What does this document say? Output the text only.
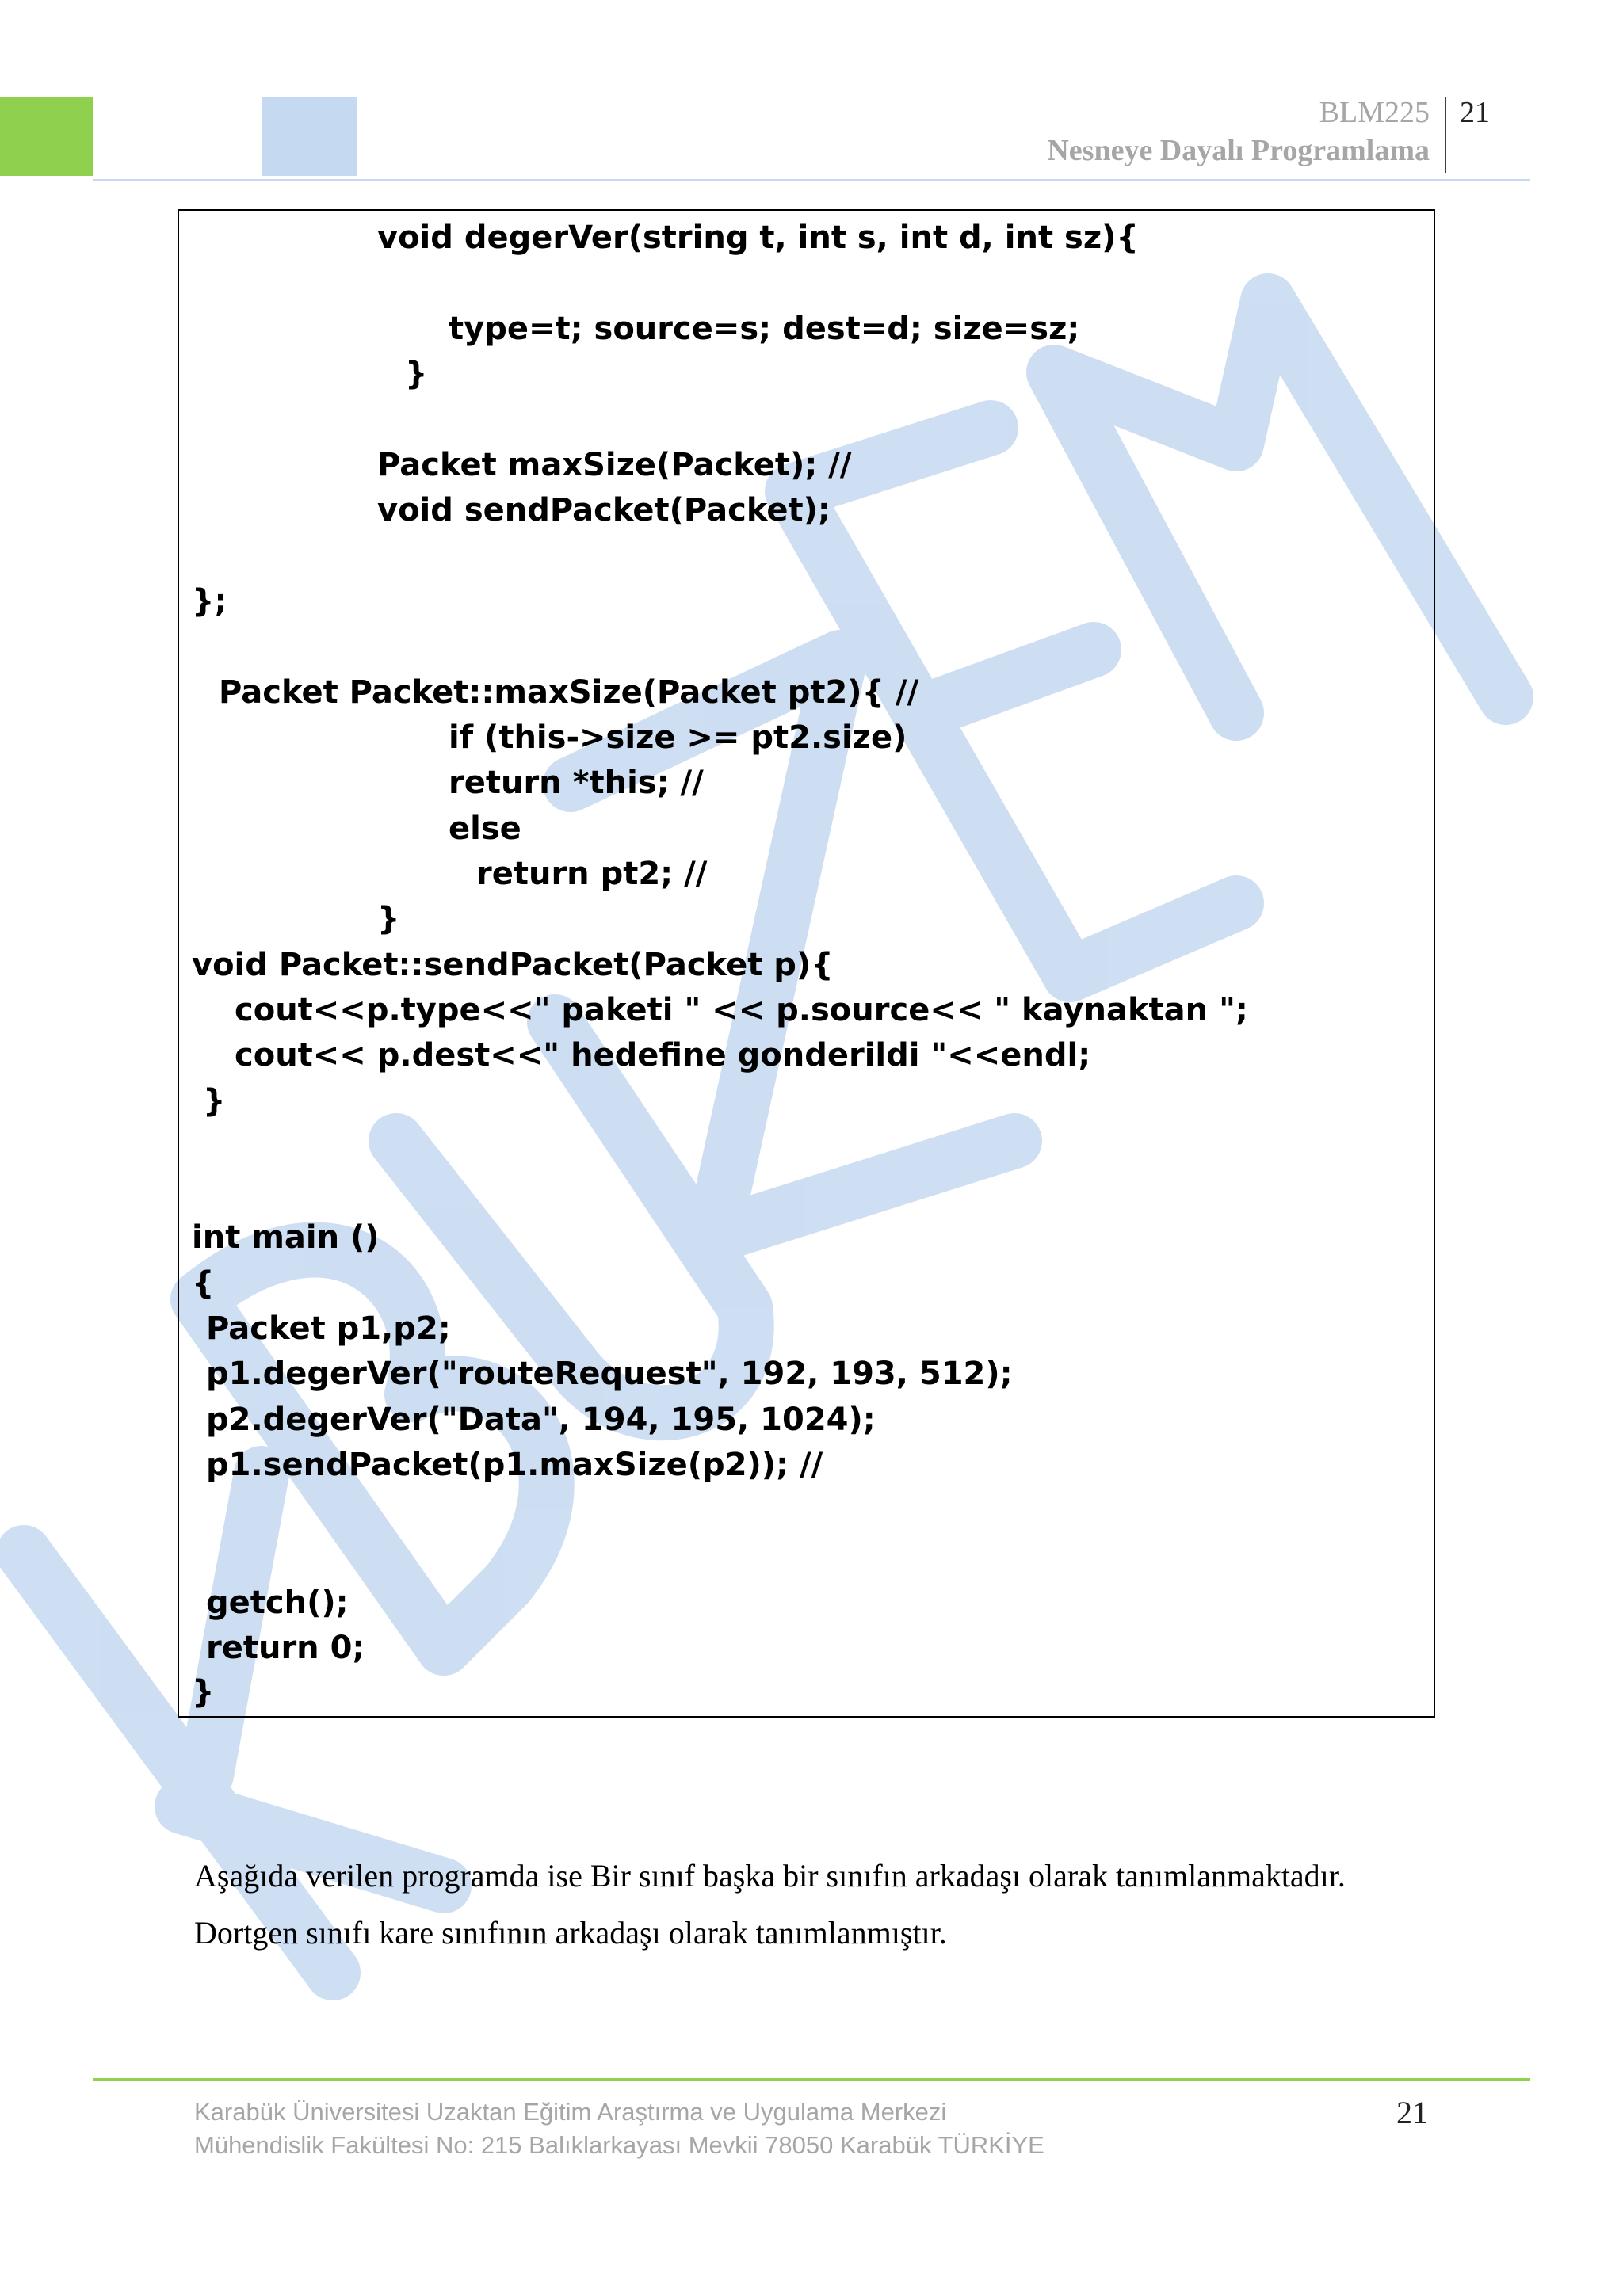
BLM225
Nesneye Dayalı Programlama
21
void degerVer(string t, int s, int d, int sz){
type=t; source=s; dest=d; size=sz;
}
Packet maxSize(Packet); //
void sendPacket(Packet);
};
Packet Packet::maxSize(Packet pt2){ //
if (this->size >= pt2.size)
return *this; //
else
return pt2; //
}
void Packet::sendPacket(Packet p){
cout<<p.type<<" paketi " << p.source<< " kaynaktan ";
cout<< p.dest<<" hedefine gonderildi "<<endl;
}
int main ()
{
Packet p1,p2;
p1.degerVer("routeRequest", 192, 193, 512);
p2.degerVer("Data", 194, 195, 1024);
p1.sendPacket(p1.maxSize(p2)); //
getch();
return 0;
}
Aşağıda verilen programda ise Bir sınıf başka bir sınıfın arkadaşı olarak tanımlanmaktadır.
Dortgen sınıfı kare sınıfının arkadaşı olarak tanımlanmıştır.
Karabük Üniversitesi Uzaktan Eğitim Araştırma ve Uygulama Merkezi
Mühendislik Fakültesi No: 215 Balıklarkayası Mevkii 78050 Karabük TÜRKİYE
21
